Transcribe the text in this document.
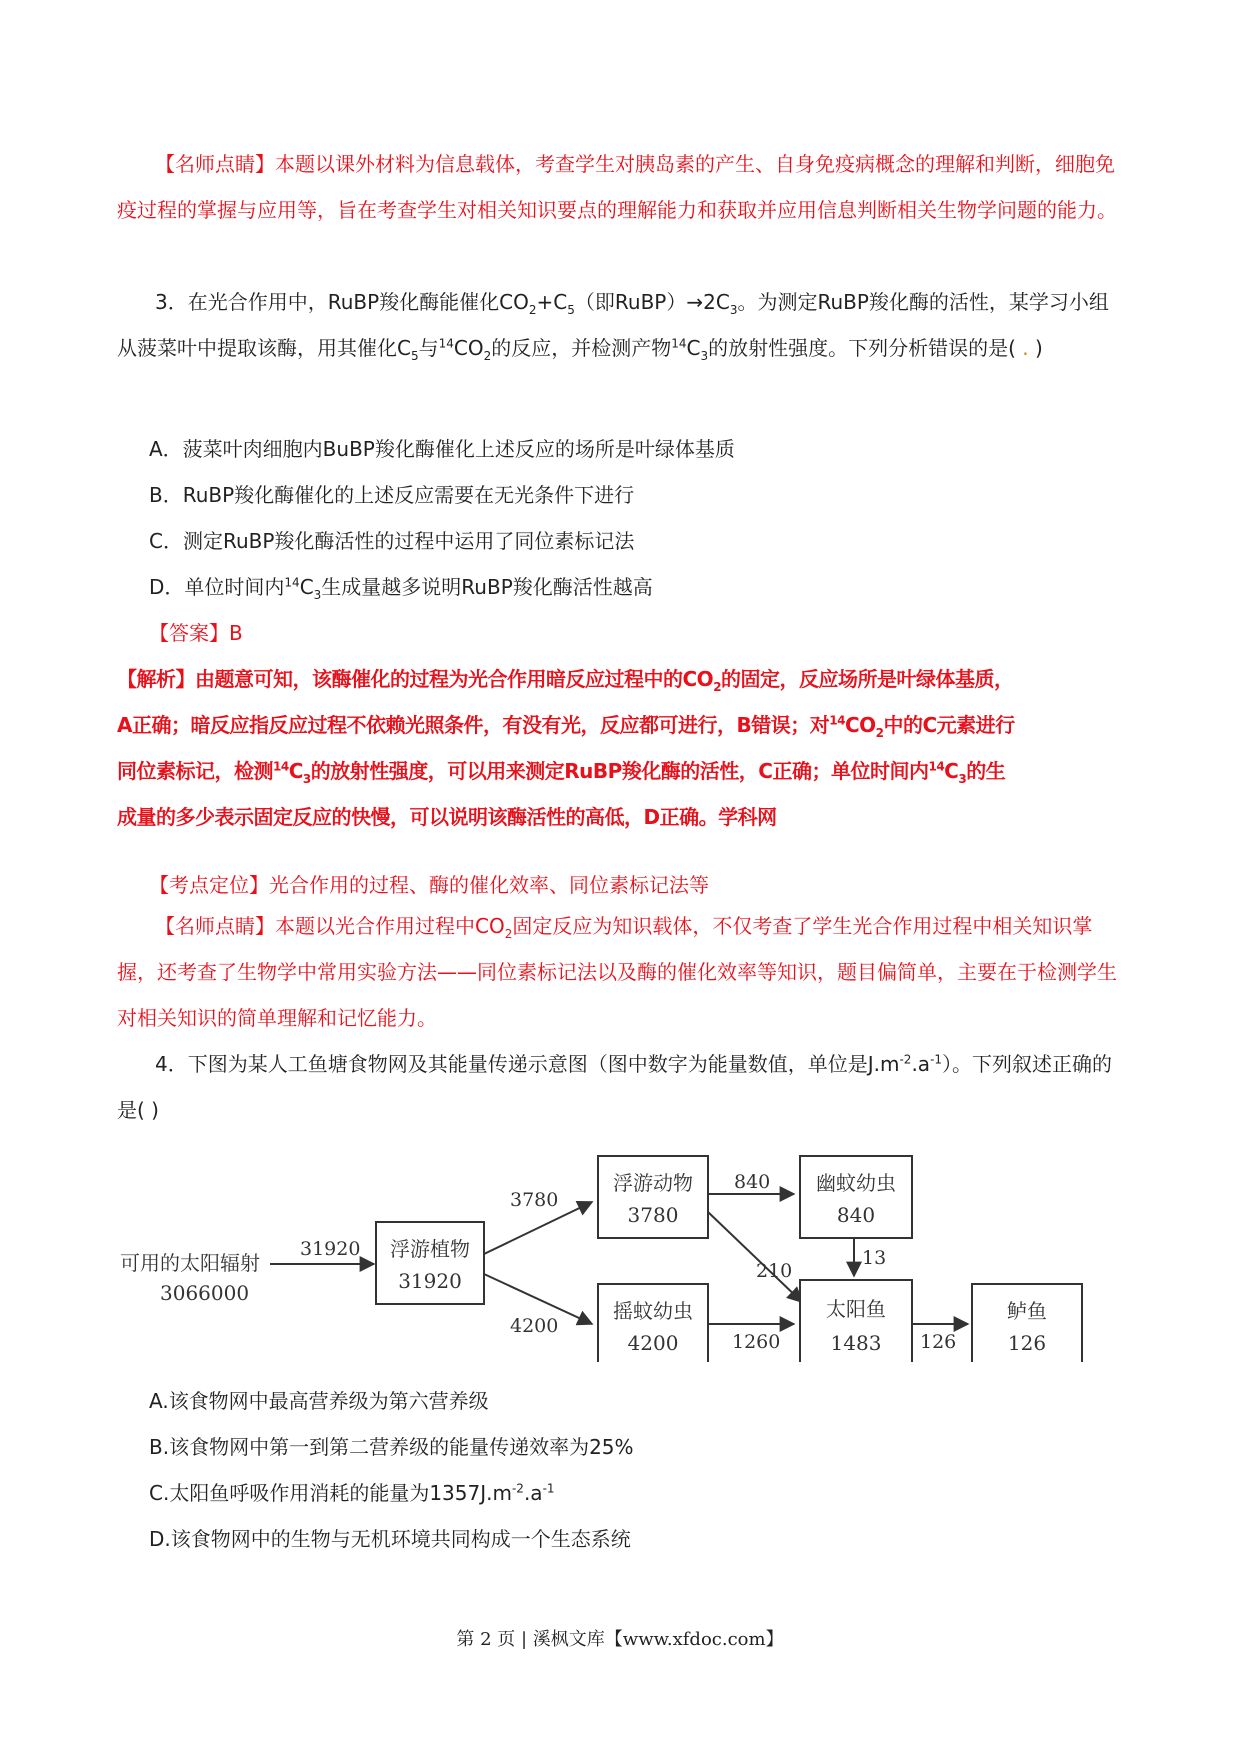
【名师点睛】本题以课外材料为信息载体，考查学生对胰岛素的产生、自身免疫病概念的理解和判断，细胞免疫过程的掌握与应用等，旨在考查学生对相关知识要点的理解能力和获取并应用信息判断相关生物学问题的能力。

3．在光合作用中，RuBP羧化酶能催化$CO_2+C_5$（即$RuBP)\to 2C_3$。为测定RuBP羧化酶的活性，某学习小组从菠菜叶中提取该酶，用其催化$C_5$与$^{14}CO_2$的反应，并检测产物$^{14}C_3$的放射性强度。下列分析错误的是( . )

A．菠菜叶肉细胞内BuBP羧化酶催化上述反应的场所是叶绿体基质
B．RuBP羧化酶催化的上述反应需要在无光条件下进行
C．测定RuBP羧化酶活性的过程中运用了同位素标记法
D．单位时间内$^{14}C_3$生成量越多说明RuBP羧化酶活性越高
【答案】B
【解析】由题意可知，该酶催化的过程为光合作用暗反应过程中的$CO_2$的固定，反应场所是叶绿体基质，
A正确；暗反应指反应过程不依赖光照条件，有没有光，反应都可进行，B错误；对$^{14}CO_2$中的C元素进行
同位素标记，检测$^{14}C_3$的放射性强度，可以用来测定RuBP羧化酶的活性，C正确；单位时间内$^{14}C_3$的生
成量的多少表示固定反应的快慢，可以说明该酶活性的高低，D正确。学科网
【考点定位】光合作用的过程、酶的催化效率、同位素标记法等

【名师点睛】本题以光合作用过程中$CO_2$固定反应为知识载体，不仅考查了学生光合作用过程中相关知识掌握，还考查了生物学中常用实验方法——同位素标记法以及酶的催化效率等知识，题目偏简单，主要在于检测学生对相关知识的简单理解和记忆能力。

4．下图为某人工鱼塘食物网及其能量传递示意图（图中数字为能量数值，单位是$J.m^{-2}.a^{-1}$）。下列叙述正确的是( )

可用的太阳辐射
3066000
31920
3780
4200
840
210
13
1260	126
浮游植物
31920
浮游动物
3780
摇蚊幼虫
4200
幽蚊幼虫
840
太阳鱼
1483
鲈鱼
126
A.该食物网中最高营养级为第六营养级
B.该食物网中第一到第二营养级的能量传递效率为25%
C.太阳鱼呼吸作用消耗的能量为$1357J.m^{-2}.a^{-1}$
D.该食物网中的生物与无机环境共同构成一个生态系统
第 2 页 | 溪枫文库【www.xfdoc.com】
